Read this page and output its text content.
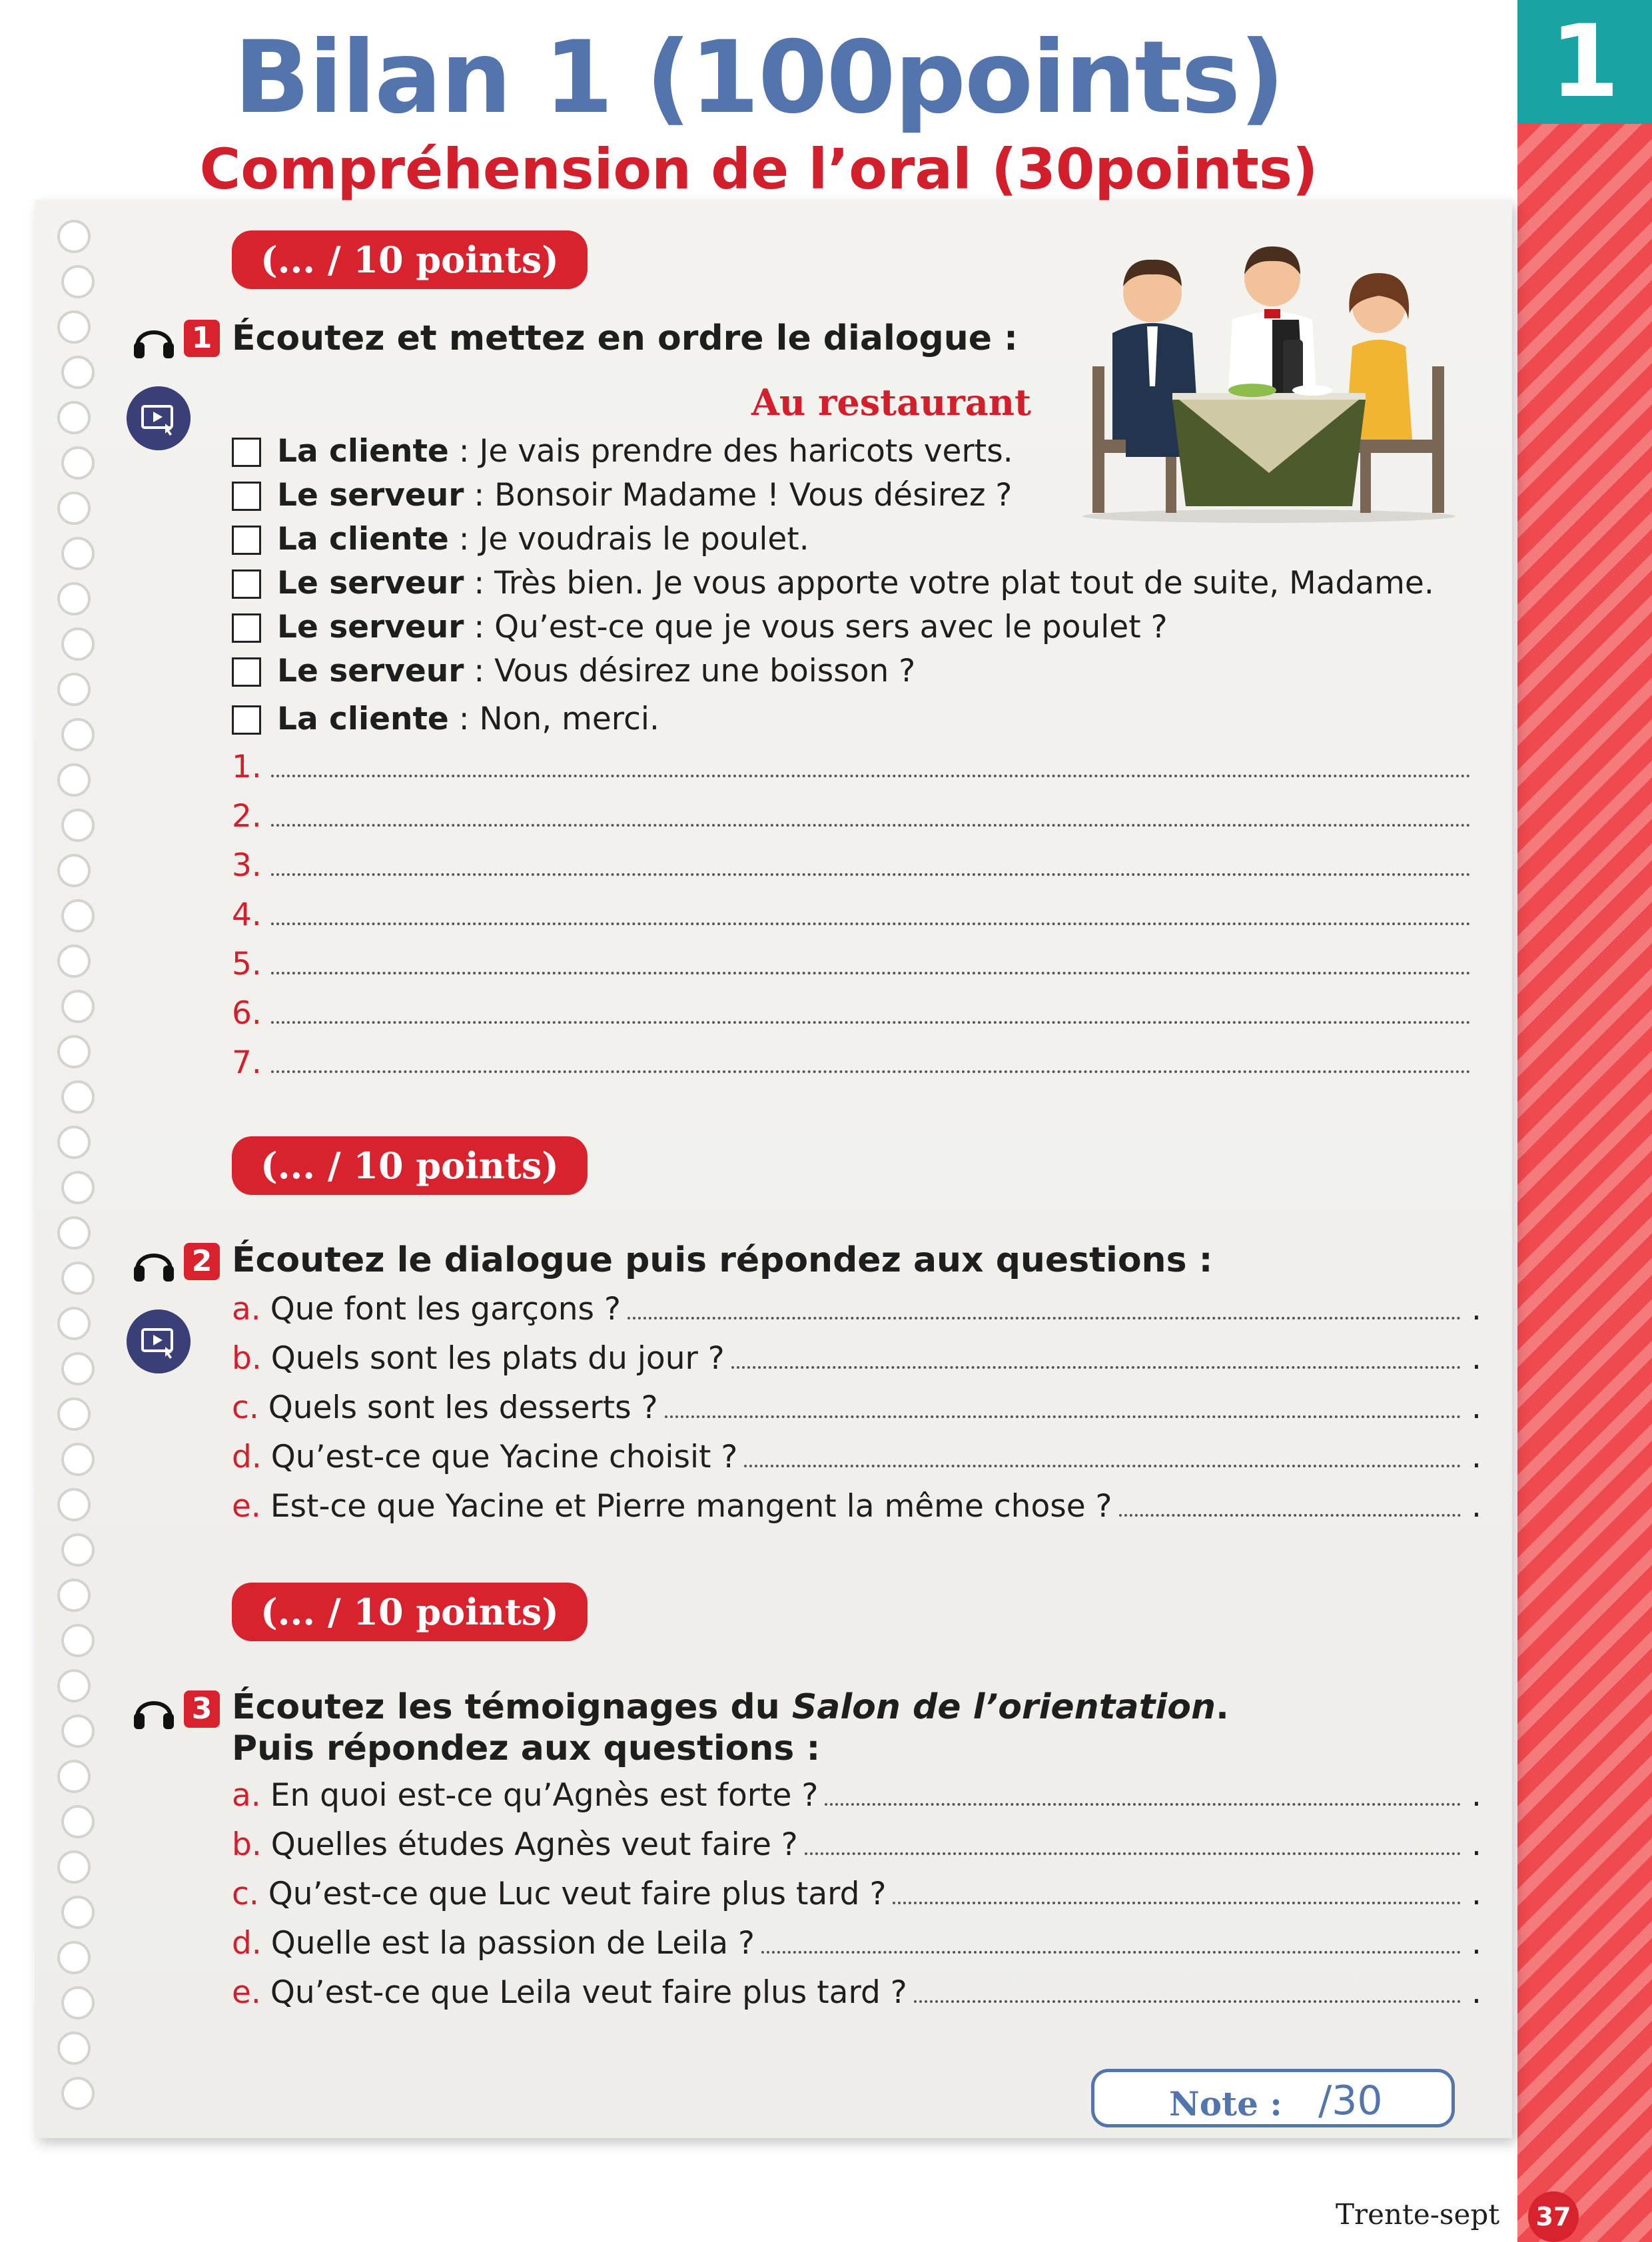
1
Bilan 1 (100points)
Compréhension de l’oral (30points)
(... / 10 points)
1 Écoutez et mettez en ordre le dialogue :
Au restaurant
La cliente : Je vais prendre des haricots verts.
Le serveur : Bonsoir Madame ! Vous désirez ?
La cliente : Je voudrais le poulet.
Le serveur : Très bien. Je vous apporte votre plat tout de suite, Madame.
Le serveur : Qu’est-ce que je vous sers avec le poulet ?
Le serveur : Vous désirez une boisson ?
La cliente : Non, merci.
1.
2.
3.
4.
5.
6.
7.
(... / 10 points)
2 Écoutez le dialogue puis répondez aux questions :
a. Que font les garçons ?	.
b. Quels sont les plats du jour ?	.
c. Quels sont les desserts ?	.
d. Qu’est-ce que Yacine choisit ?	.
e. Est-ce que Yacine et Pierre mangent la même chose ?	.
(... / 10 points)
3 Écoutez les témoignages du Salon de l’orientation.
Puis répondez aux questions :
a. En quoi est-ce qu’Agnès est forte ?	.
b. Quelles études Agnès veut faire ?	.
c. Qu’est-ce que Luc veut faire plus tard ?	.
d. Quelle est la passion de Leila ?	.
e. Qu’est-ce que Leila veut faire plus tard ?	.
Note : /30
Trente-sept	37
